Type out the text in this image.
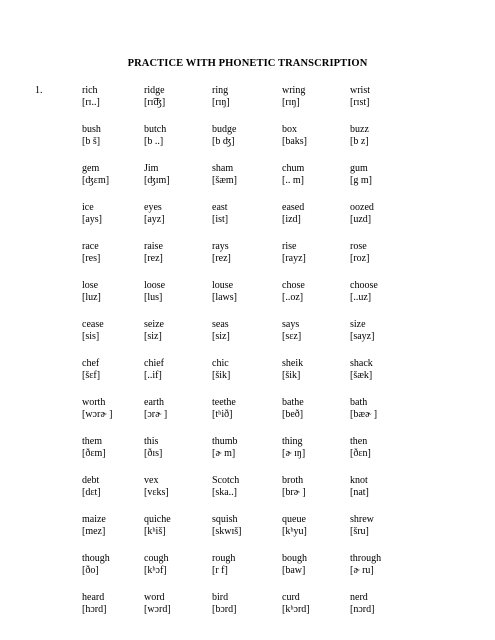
PRACTICE WITH PHONETIC TRANSCRIPTION
1.	rich
[rɪ..]
ridge
[rɪ͡ʤ]
ring
[rɪŋ]
wring
[rɪŋ]
wrist
[rɪst]
bush
[b š]
butch
[b ..]
budge
[b ʤ]
box
[baks]
buzz
[b z]
gem
[ʤɛm]
Jim
[ʤɪm]
sham
[šæm]
chum
[.. m]
gum
[g m]
ice
[ays]
eyes
[ayz]
east
[ist]
eased
[izd]
oozed
[uzd]
race
[res]
raise
[rez]
rays
[rez]
rise
[rayz]
rose
[roz]
lose
[luz]
loose
[lus]
louse
[laws]
chose
[..oz]
choose
[..uz]
cease
[sis]
seize
[siz]
seas
[siz]
says
[sɛz]
size
[sayz]
chef
[šɛf]
chief
[..if]
chic
[šik]
sheik
[šik]
shack
[šæk]
worth
[wɔrɚ ]
earth
[ɔrɚ ]
teethe
[tʰið]
bathe
[beð]
bath
[bæɚ ]
them
[ðɛm]
this
[ðɪs]
thumb
[ɚ m]
thing
[ɚ ɪŋ]
then
[ðɛn]
debt
[dɛt]
vex
[vɛks]
Scotch
[ska..]
broth
[brɚ ]
knot
[nat]
maize
[mez]
quiche
[kʰiš]
squish
[skwɪš]
queue
[kʰyu]
shrew
[šru]
though
[ðo]
cough
[kʰɔf]
rough
[r f]
bough
[baw]
through
[ɚ ru]
heard
[hɔrd]
word
[wɔrd]
bird
[bɔrd]
curd
[kʰɔrd]
nerd
[nɔrd]
